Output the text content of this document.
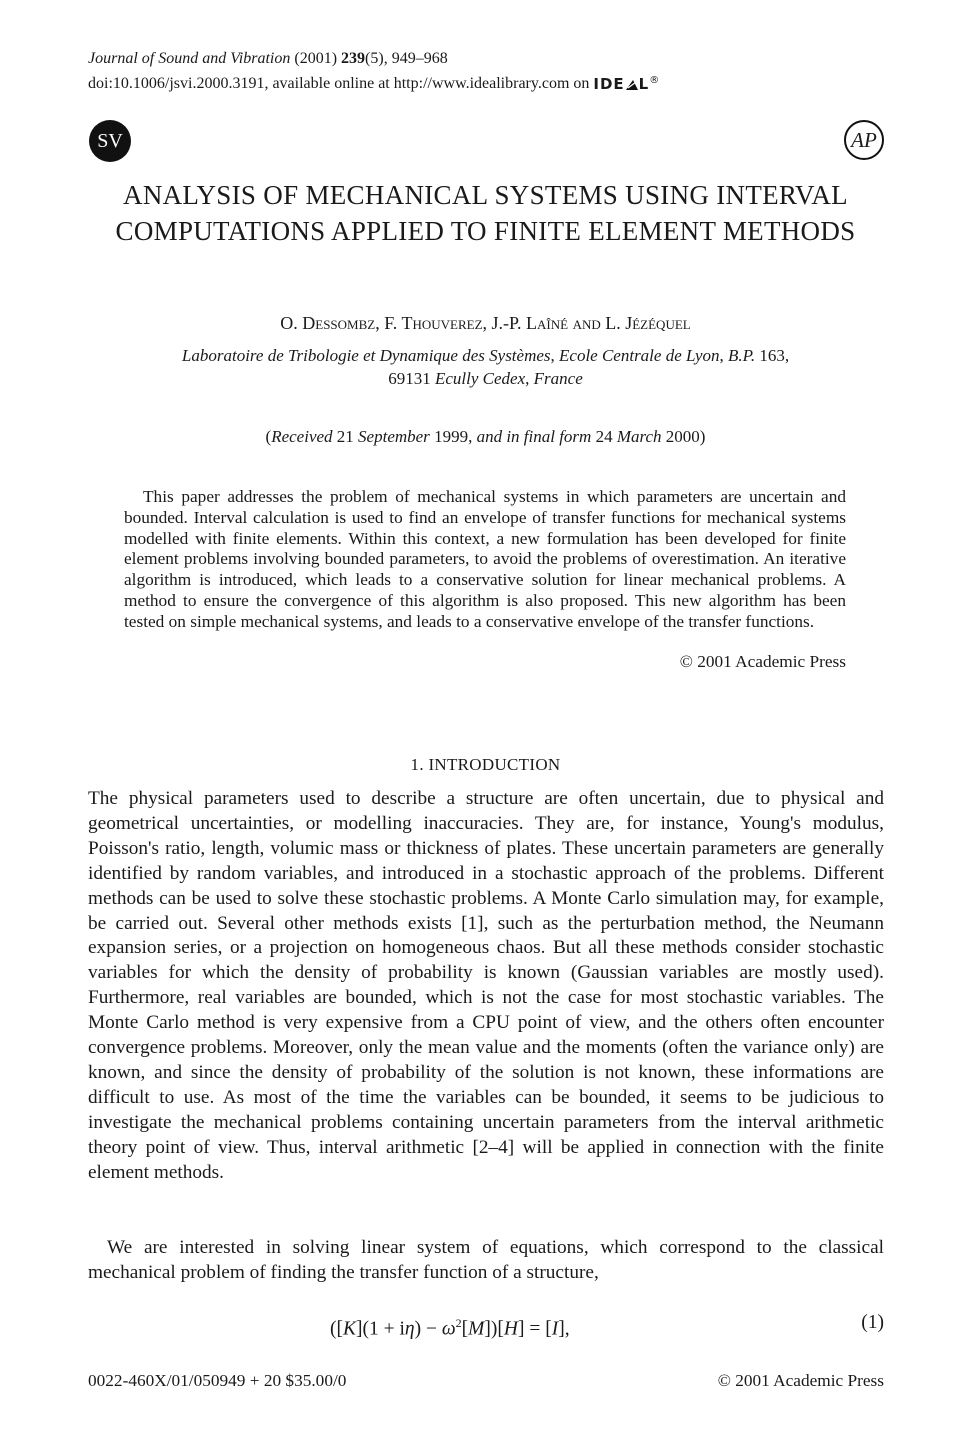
Journal of Sound and Vibration (2001) 239(5), 949–968
doi:10.1006/jsvi.2000.3191, available online at http://www.idealibrary.com on IDE L®
SV	AP
ANALYSIS OF MECHANICAL SYSTEMS USING INTERVAL COMPUTATIONS APPLIED TO FINITE ELEMENT METHODS
O. Dessombz, F. Thouverez, J.-P. Laîné and L. Jézéquel
Laboratoire de Tribologie et Dynamique des Systèmes, Ecole Centrale de Lyon, B.P. 163,
69131 Ecully Cedex, France
(Received 21 September 1999, and in final form 24 March 2000)
This paper addresses the problem of mechanical systems in which parameters are uncertain and bounded. Interval calculation is used to find an envelope of transfer functions for mechanical systems modelled with finite elements. Within this context, a new formulation has been developed for finite element problems involving bounded parameters, to avoid the problems of overestimation. An iterative algorithm is introduced, which leads to a conservative solution for linear mechanical problems. A method to ensure the convergence of this algorithm is also proposed. This new algorithm has been tested on simple mechanical systems, and leads to a conservative envelope of the transfer functions.
© 2001 Academic Press
1. INTRODUCTION
The physical parameters used to describe a structure are often uncertain, due to physical and geometrical uncertainties, or modelling inaccuracies. They are, for instance, Young's modulus, Poisson's ratio, length, volumic mass or thickness of plates. These uncertain parameters are generally identified by random variables, and introduced in a stochastic approach of the problems. Different methods can be used to solve these stochastic problems. A Monte Carlo simulation may, for example, be carried out. Several other methods exists [1], such as the perturbation method, the Neumann expansion series, or a projection on homogeneous chaos. But all these methods consider stochastic variables for which the density of probability is known (Gaussian variables are mostly used). Furthermore, real variables are bounded, which is not the case for most stochastic variables. The Monte Carlo method is very expensive from a CPU point of view, and the others often encounter convergence problems. Moreover, only the mean value and the moments (often the variance only) are known, and since the density of probability of the solution is not known, these informations are difficult to use. As most of the time the variables can be bounded, it seems to be judicious to investigate the mechanical problems containing uncertain parameters from the interval arithmetic theory point of view. Thus, interval arithmetic [2–4] will be applied in connection with the finite element methods.
We are interested in solving linear system of equations, which correspond to the classical mechanical problem of finding the transfer function of a structure,
$([K](1 + i\eta) - \omega^2[M])[H] = [I]$,	(1)
0022-460X/01/050949 + 20 $35.00/0	© 2001 Academic Press
